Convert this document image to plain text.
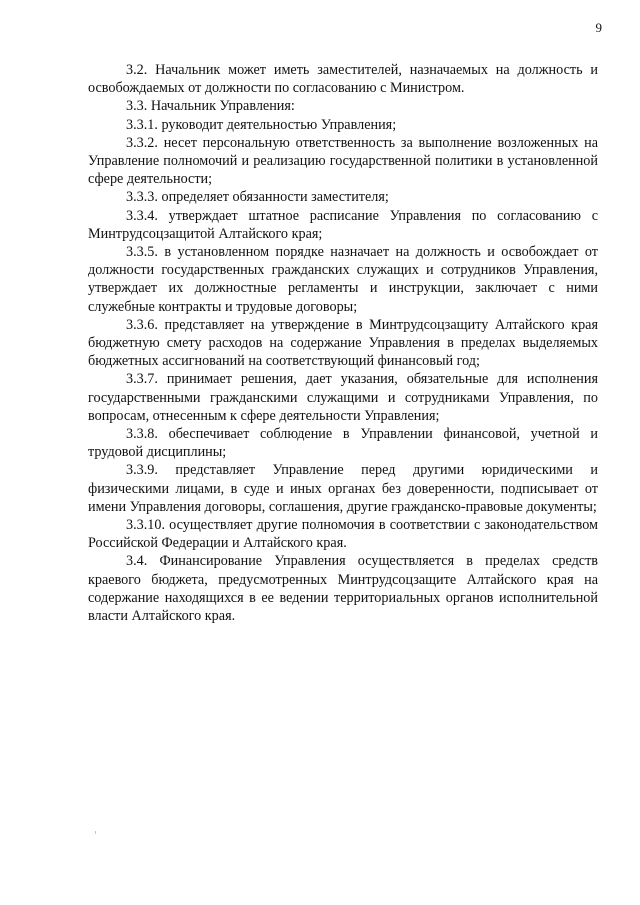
9

3.2. Начальник может иметь заместителей, назначаемых на должность и освобождаемых от должности по согласованию с Министром.

3.3. Начальник Управления:

3.3.1. руководит деятельностью Управления;

3.3.2. несет персональную ответственность за выполнение возложенных на Управление полномочий и реализацию государственной политики в установленной сфере деятельности;

3.3.3. определяет обязанности заместителя;

3.3.4. утверждает штатное расписание Управления по согласованию с Минтрудсоцзащитой Алтайского края;

3.3.5. в установленном порядке назначает на должность и освобождает от должности государственных гражданских служащих и сотрудников Управления, утверждает их должностные регламенты и инструкции, заключает с ними служебные контракты и трудовые договоры;

3.3.6. представляет на утверждение в Минтрудсоцзащиту Алтайского края бюджетную смету расходов на содержание Управления в пределах выделяемых бюджетных ассигнований на соответствующий финансовый год;

3.3.7. принимает решения, дает указания, обязательные для исполнения государственными гражданскими служащими и сотрудниками Управления, по вопросам, отнесенным к сфере деятельности Управления;

3.3.8. обеспечивает соблюдение в Управлении финансовой, учетной и трудовой дисциплины;

3.3.9. представляет Управление перед другими юридическими и физическими лицами, в суде и иных органах без доверенности, подписывает от имени Управления договоры, соглашения, другие гражданско-правовые документы;

3.3.10. осуществляет другие полномочия в соответствии с законодательством Российской Федерации и Алтайского края.

3.4. Финансирование Управления осуществляется в пределах средств краевого бюджета, предусмотренных Минтрудсоцзащите Алтайского края на содержание находящихся в ее ведении территориальных органов исполнительной власти Алтайского края.
